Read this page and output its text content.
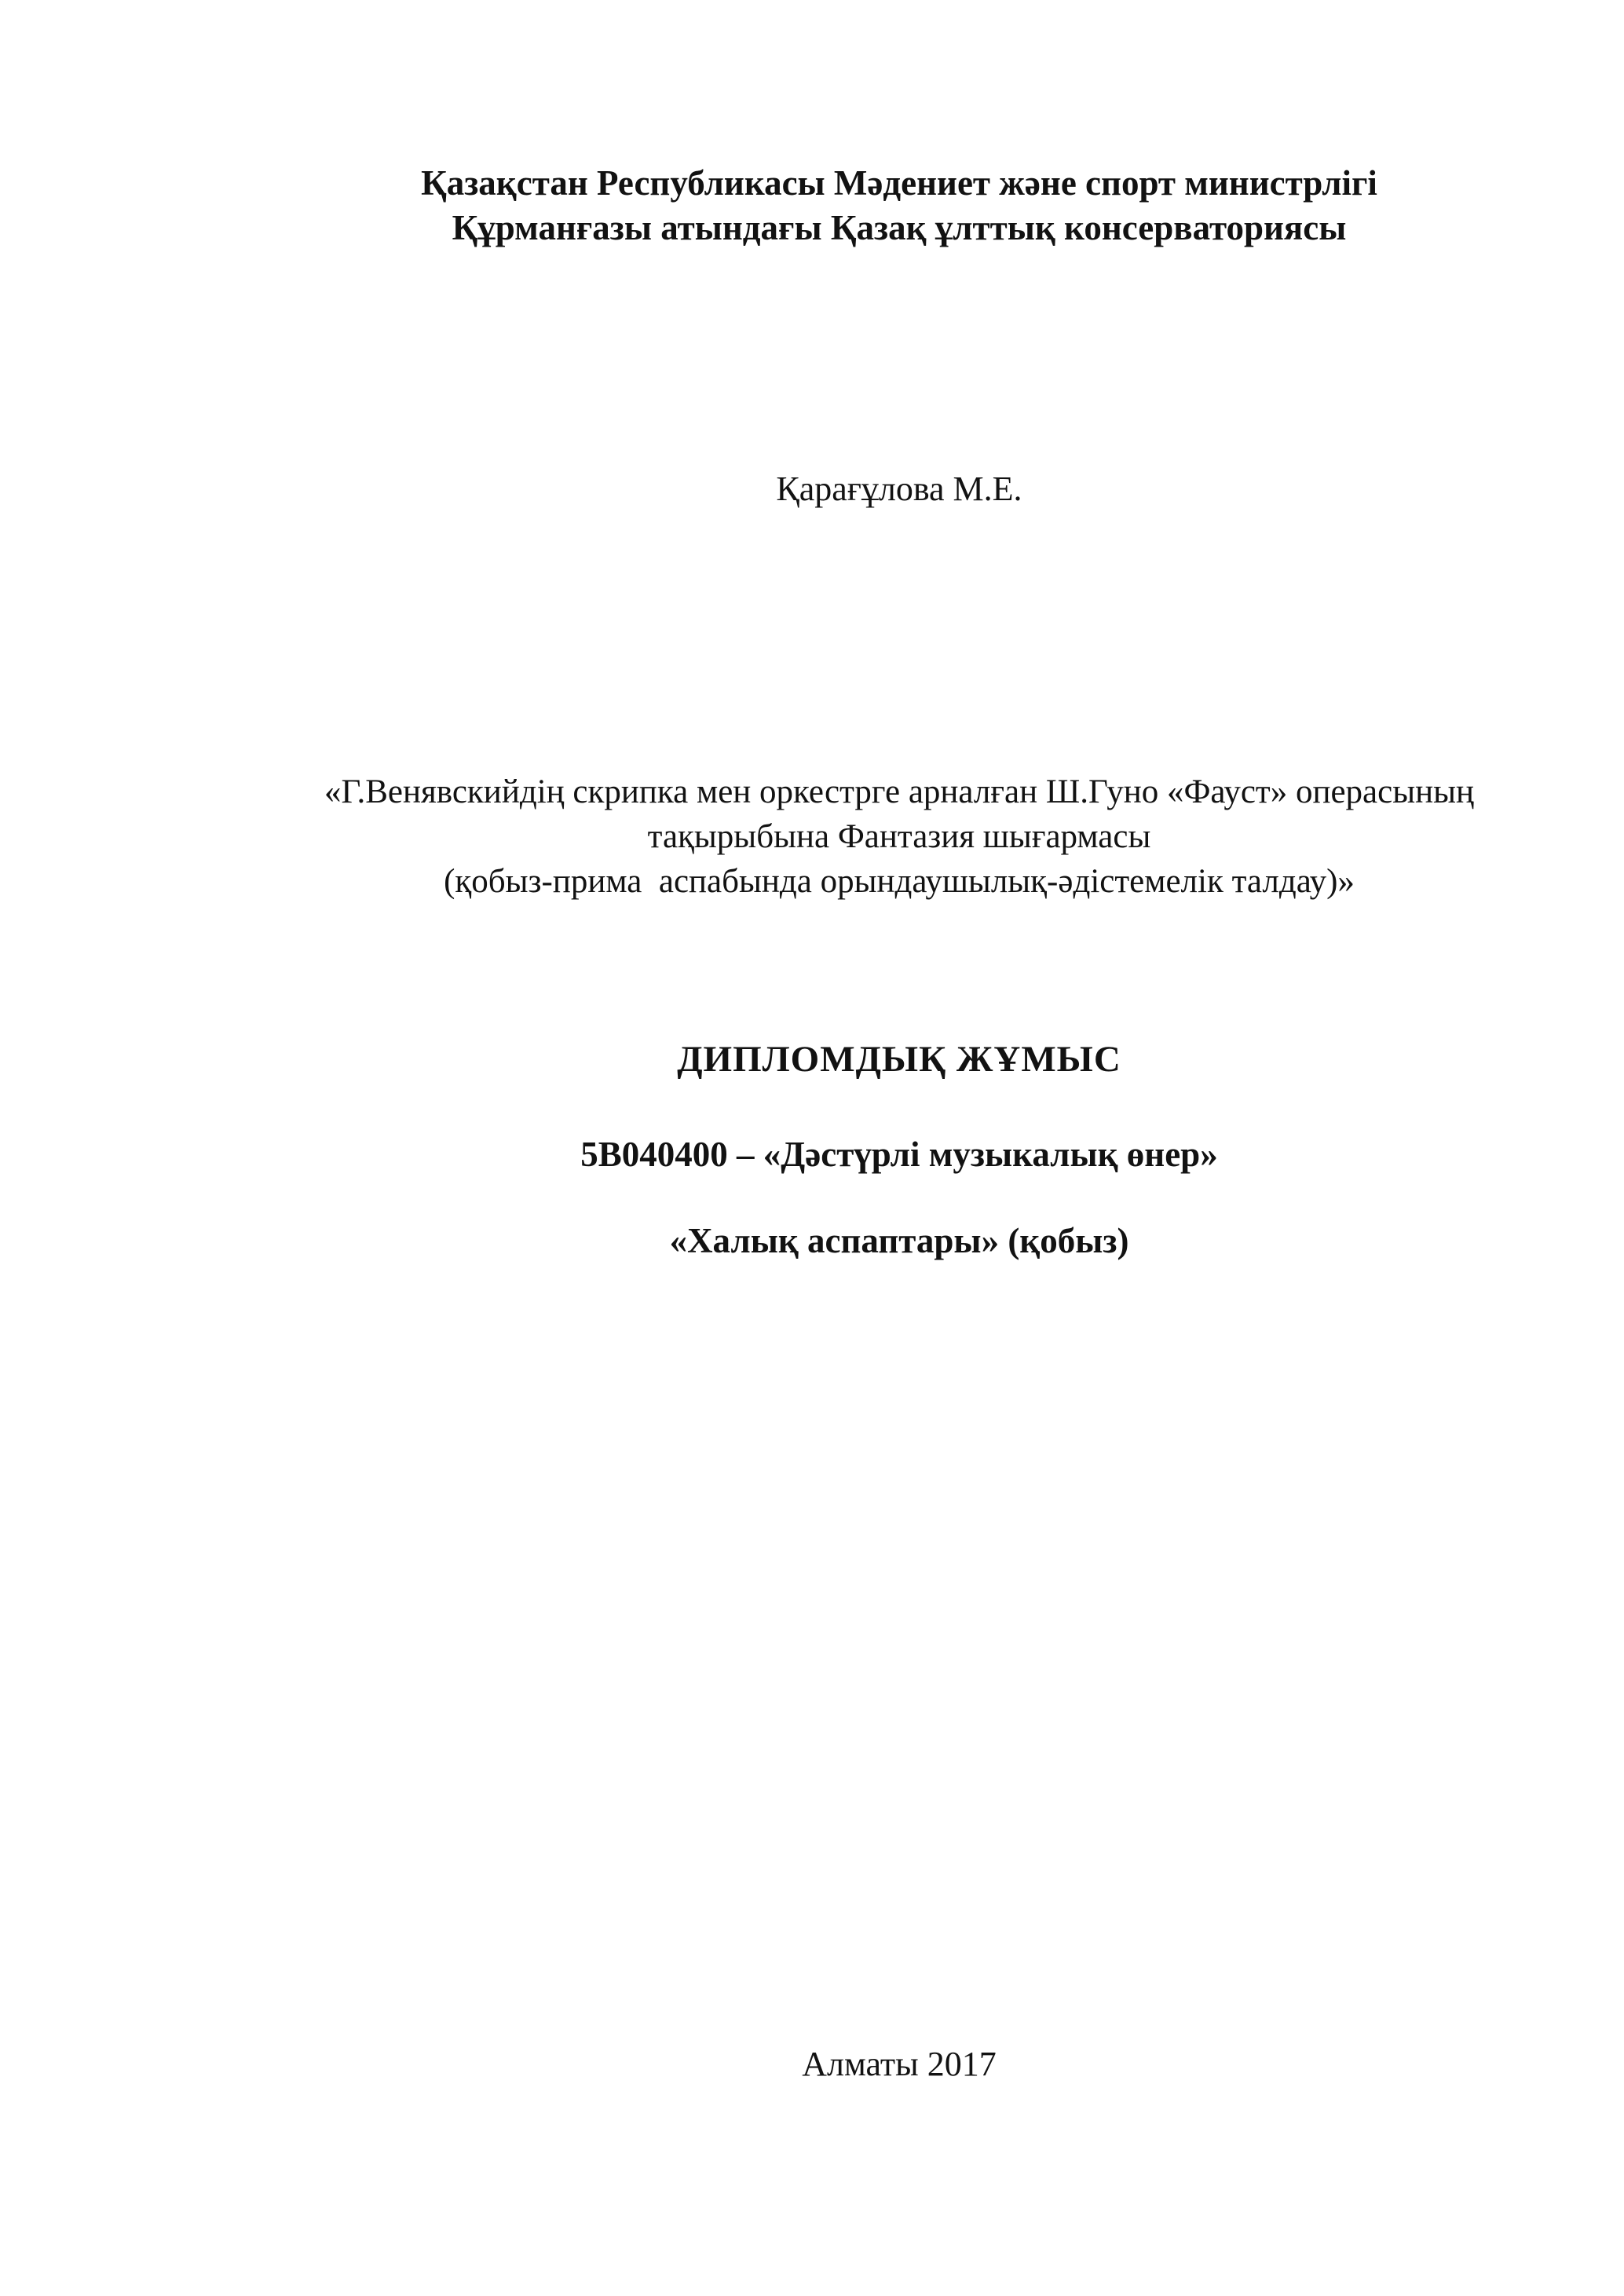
Қазақстан Республикасы Мәдениет және спорт министрлігі
Құрманғазы атындағы Қазақ ұлттық консерваториясы
Қарағұлова М.Е.
«Г.Венявскийдің скрипка мен оркестрге арналған Ш.Гуно «Фауст» операсының
тақырыбына Фантазия шығармасы
(қобыз-прима  аспабында орындаушылық-әдістемелік талдау)»
ДИПЛОМДЫҚ ЖҰМЫС
5В040400 – «Дәстүрлі музыкалық өнер»
«Халық аспаптары» (қобыз)
Алматы 2017
